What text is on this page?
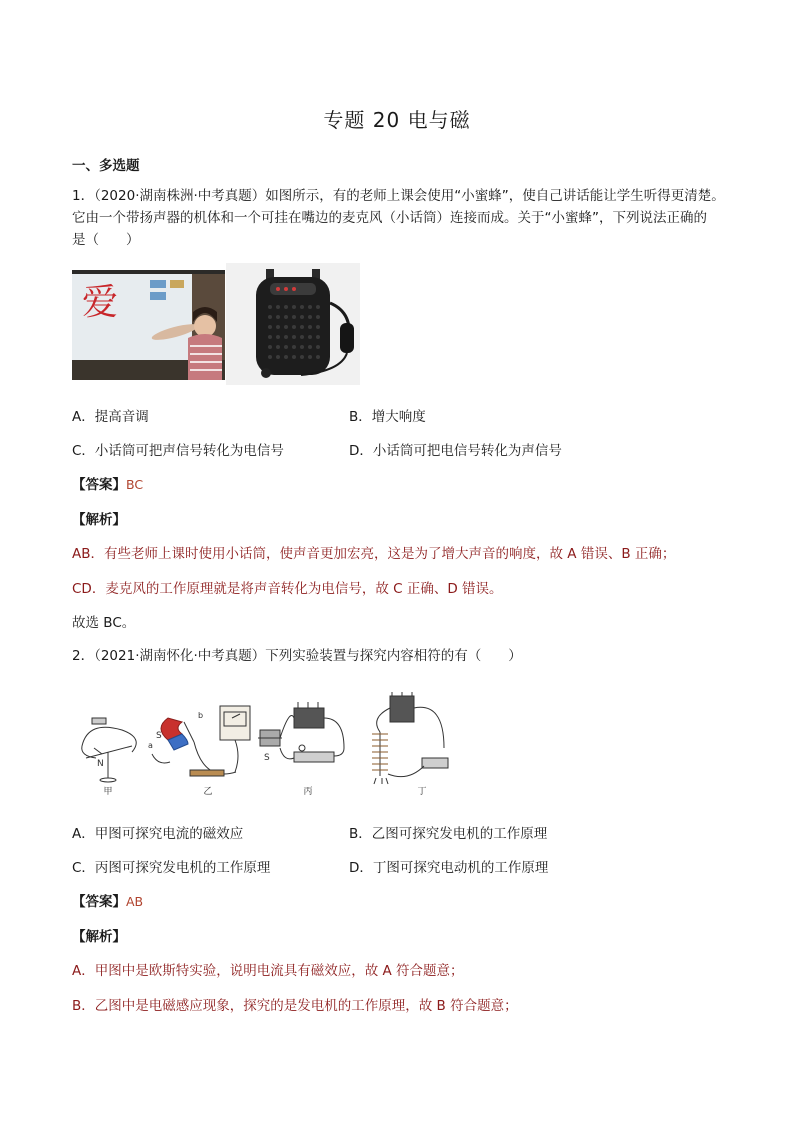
专题 20 电与磁
一、多选题
1．（2020·湖南株洲·中考真题）如图所示，有的老师上课会使用“小蜜蜂”，使自己讲话能让学生听得更清楚。
它由一个带扬声器的机体和一个可挂在嘴边的麦克风（小话筒）连接而成。关于“小蜜蜂”，下列说法正确的
是（　　）
爱
A．提高音调	B．增大响度
C．小话筒可把声信号转化为电信号	D．小话筒可把电信号转化为声信号
【答案】BC
【解析】
AB．有些老师上课时使用小话筒，使声音更加宏亮，这是为了增大声音的响度，故 A 错误、B 正确；
CD．麦克风的工作原理就是将声音转化为电信号，故 C 正确、D 错误。
故选 BC。
2．（2021·湖南怀化·中考真题）下列实验装置与探究内容相符的有（　　）
N
S
a
b
S
甲	乙	丙	丁
A．甲图可探究电流的磁效应	B．乙图可探究发电机的工作原理
C．丙图可探究发电机的工作原理	D．丁图可探究电动机的工作原理
【答案】AB
【解析】
A．甲图中是欧斯特实验，说明电流具有磁效应，故 A 符合题意；
B．乙图中是电磁感应现象，探究的是发电机的工作原理，故 B 符合题意；
